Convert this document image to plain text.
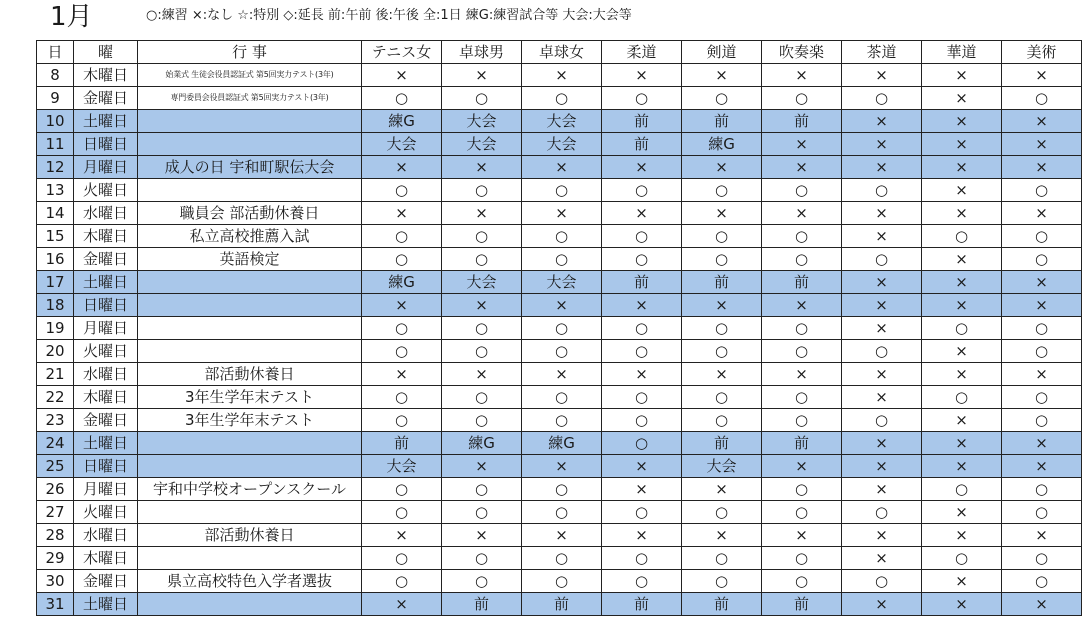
1月	○:練習 ×:なし ☆:特別 ◇:延長 前:午前 後:午後 全:1日 練G:練習試合等 大会:大会等
日	曜	行 事	テニス女	卓球男	卓球女	柔道	剣道	吹奏楽	茶道	華道	美術
8	木曜日	始業式 生徒会役員認証式 第5回実力テスト(3年)	×	×	×	×	×	×	×	×	×
9	金曜日	専門委員会役員認証式 第5回実力テスト(3年)	○	○	○	○	○	○	○	×	○
10	土曜日		練G	大会	大会	前	前	前	×	×	×
11	日曜日		大会	大会	大会	前	練G	×	×	×	×
12	月曜日	成人の日 宇和町駅伝大会	×	×	×	×	×	×	×	×	×
13	火曜日		○	○	○	○	○	○	○	×	○
14	水曜日	職員会 部活動休養日	×	×	×	×	×	×	×	×	×
15	木曜日	私立高校推薦入試	○	○	○	○	○	○	×	○	○
16	金曜日	英語検定	○	○	○	○	○	○	○	×	○
17	土曜日		練G	大会	大会	前	前	前	×	×	×
18	日曜日		×	×	×	×	×	×	×	×	×
19	月曜日		○	○	○	○	○	○	×	○	○
20	火曜日		○	○	○	○	○	○	○	×	○
21	水曜日	部活動休養日	×	×	×	×	×	×	×	×	×
22	木曜日	3年生学年末テスト	○	○	○	○	○	○	×	○	○
23	金曜日	3年生学年末テスト	○	○	○	○	○	○	○	×	○
24	土曜日		前	練G	練G	○	前	前	×	×	×
25	日曜日		大会	×	×	×	大会	×	×	×	×
26	月曜日	宇和中学校オープンスクール	○	○	○	×	×	○	×	○	○
27	火曜日		○	○	○	○	○	○	○	×	○
28	水曜日	部活動休養日	×	×	×	×	×	×	×	×	×
29	木曜日		○	○	○	○	○	○	×	○	○
30	金曜日	県立高校特色入学者選抜	○	○	○	○	○	○	○	×	○
31	土曜日		×	前	前	前	前	前	×	×	×
